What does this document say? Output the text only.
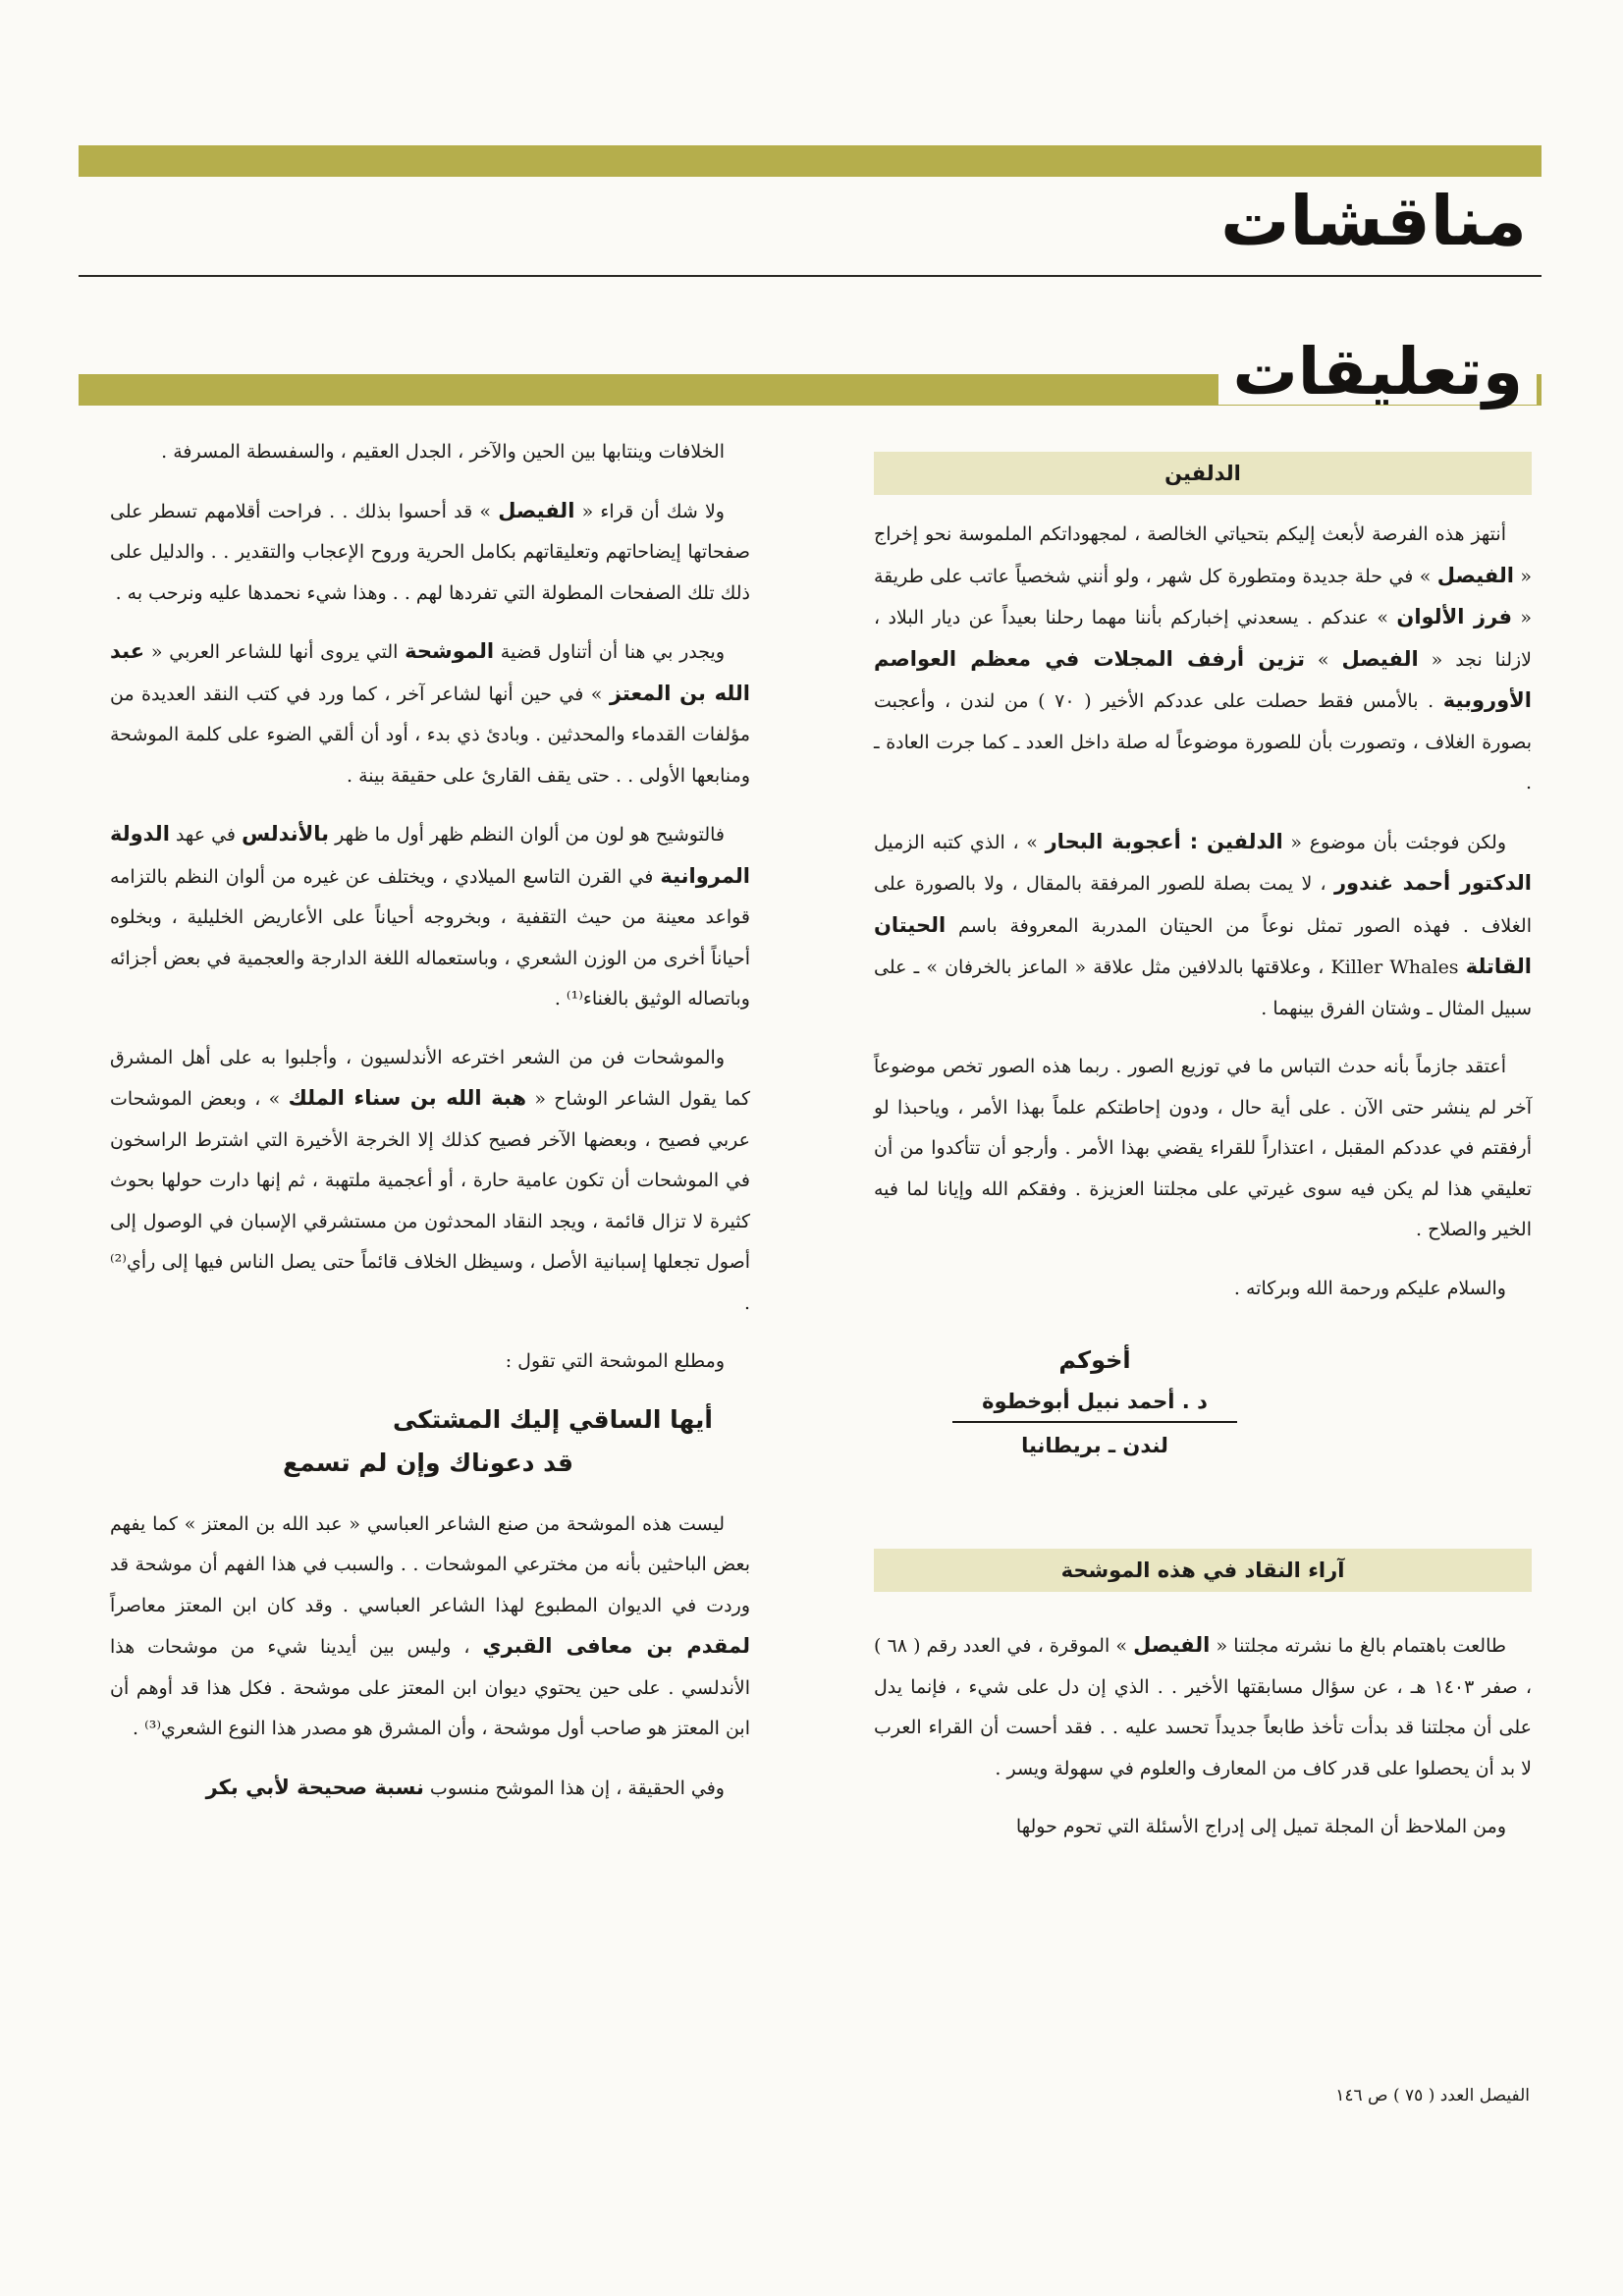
مناقشات
وتعليقات
الدلفين

أنتهز هذه الفرصة لأبعث إليكم بتحياتي الخالصة ، لمجهوداتكم الملموسة نحو إخراج « الفيصل » في حلة جديدة ومتطورة كل شهر ، ولو أنني شخصياً عاتب على طريقة « فرز الألوان » عندكم . يسعدني إخباركم بأننا مهما رحلنا بعيداً عن ديار البلاد ، لازلنا نجد « الفيصل » تزين أرفف المجلات في معظم العواصم الأوروبية . بالأمس فقط حصلت على عددكم الأخير ( ٧٠ ) من لندن ، وأعجبت بصورة الغلاف ، وتصورت بأن للصورة موضوعاً له صلة داخل العدد ـ كما جرت العادة ـ .

ولكن فوجئت بأن موضوع « الدلفين : أعجوبة البحار » ، الذي كتبه الزميل الدكتور أحمد غندور ، لا يمت بصلة للصور المرفقة بالمقال ، ولا بالصورة على الغلاف . فهذه الصور تمثل نوعاً من الحيتان المدربة المعروفة باسم الحيتان القاتلة Killer Whales ، وعلاقتها بالدلافين مثل علاقة « الماعز بالخرفان » ـ على سبيل المثال ـ وشتان الفرق بينهما .

أعتقد جازماً بأنه حدث التباس ما في توزيع الصور . ربما هذه الصور تخص موضوعاً آخر لم ينشر حتى الآن . على أية حال ، ودون إحاطتكم علماً بهذا الأمر ، وياحبذا لو أرفقتم في عددكم المقبل ، اعتذاراً للقراء يقضي بهذا الأمر . وأرجو أن تتأكدوا من أن تعليقي هذا لم يكن فيه سوى غيرتي على مجلتنا العزيزة . وفقكم الله وإيانا لما فيه الخير والصلاح .

والسلام عليكم ورحمة الله وبركاته .

أخوكم
د . أحمد نبيل أبوخطوة
لندن ـ بريطانيا
آراء النقاد في هذه الموشحة

طالعت باهتمام بالغ ما نشرته مجلتنا « الفيصل » الموقرة ، في العدد رقم ( ٦٨ ) ، صفر ١٤٠٣ هـ ، عن سؤال مسابقتها الأخير . . الذي إن دل على شيء ، فإنما يدل على أن مجلتنا قد بدأت تأخذ طابعاً جديداً تحسد عليه . . فقد أحست أن القراء العرب لا بد أن يحصلوا على قدر كاف من المعارف والعلوم في سهولة ويسر .

ومن الملاحظ أن المجلة تميل إلى إدراج الأسئلة التي تحوم حولها

الخلافات وينتابها بين الحين والآخر ، الجدل العقيم ، والسفسطة المسرفة .

ولا شك أن قراء « الفيصل » قد أحسوا بذلك . . فراحت أقلامهم تسطر على صفحاتها إيضاحاتهم وتعليقاتهم بكامل الحرية وروح الإعجاب والتقدير . . والدليل على ذلك تلك الصفحات المطولة التي تفردها لهم . . وهذا شيء نحمدها عليه ونرحب به .

ويجدر بي هنا أن أتناول قضية الموشحة التي يروى أنها للشاعر العربي « عبد الله بن المعتز » في حين أنها لشاعر آخر ، كما ورد في كتب النقد العديدة من مؤلفات القدماء والمحدثين . وبادئ ذي بدء ، أود أن ألقي الضوء على كلمة الموشحة ومنابعها الأولى . . حتى يقف القارئ على حقيقة بينة .

فالتوشيح هو لون من ألوان النظم ظهر أول ما ظهر بالأندلس في عهد الدولة المروانية في القرن التاسع الميلادي ، ويختلف عن غيره من ألوان النظم بالتزامه قواعد معينة من حيث التقفية ، وبخروجه أحياناً على الأعاريض الخليلية ، وبخلوه أحياناً أخرى من الوزن الشعري ، وباستعماله اللغة الدارجة والعجمية في بعض أجزائه وباتصاله الوثيق بالغناء⁽¹⁾ .

والموشحات فن من الشعر اخترعه الأندلسيون ، وأجلبوا به على أهل المشرق كما يقول الشاعر الوشاح « هبة الله بن سناء الملك » ، وبعض الموشحات عربي فصيح ، وبعضها الآخر فصيح كذلك إلا الخرجة الأخيرة التي اشترط الراسخون في الموشحات أن تكون عامية حارة ، أو أعجمية ملتهبة ، ثم إنها دارت حولها بحوث كثيرة لا تزال قائمة ، ويجد النقاد المحدثون من مستشرقي الإسبان في الوصول إلى أصول تجعلها إسبانية الأصل ، وسيظل الخلاف قائماً حتى يصل الناس فيها إلى رأي⁽²⁾ .

ومطلع الموشحة التي تقول :

أيها الساقي إليك المشتكى
قد دعوناك وإن لم تسمع

ليست هذه الموشحة من صنع الشاعر العباسي « عبد الله بن المعتز » كما يفهم بعض الباحثين بأنه من مخترعي الموشحات . . والسبب في هذا الفهم أن موشحة قد وردت في الديوان المطبوع لهذا الشاعر العباسي . وقد كان ابن المعتز معاصراً لمقدم بن معافى القبري ، وليس بين أيدينا شيء من موشحات هذا الأندلسي . على حين يحتوي ديوان ابن المعتز على موشحة . فكل هذا قد أوهم أن ابن المعتز هو صاحب أول موشحة ، وأن المشرق هو مصدر هذا النوع الشعري⁽³⁾ .

وفي الحقيقة ، إن هذا الموشح منسوب نسبة صحيحة لأبي بكر

الفيصل العدد ( ٧٥ ) ص ١٤٦
